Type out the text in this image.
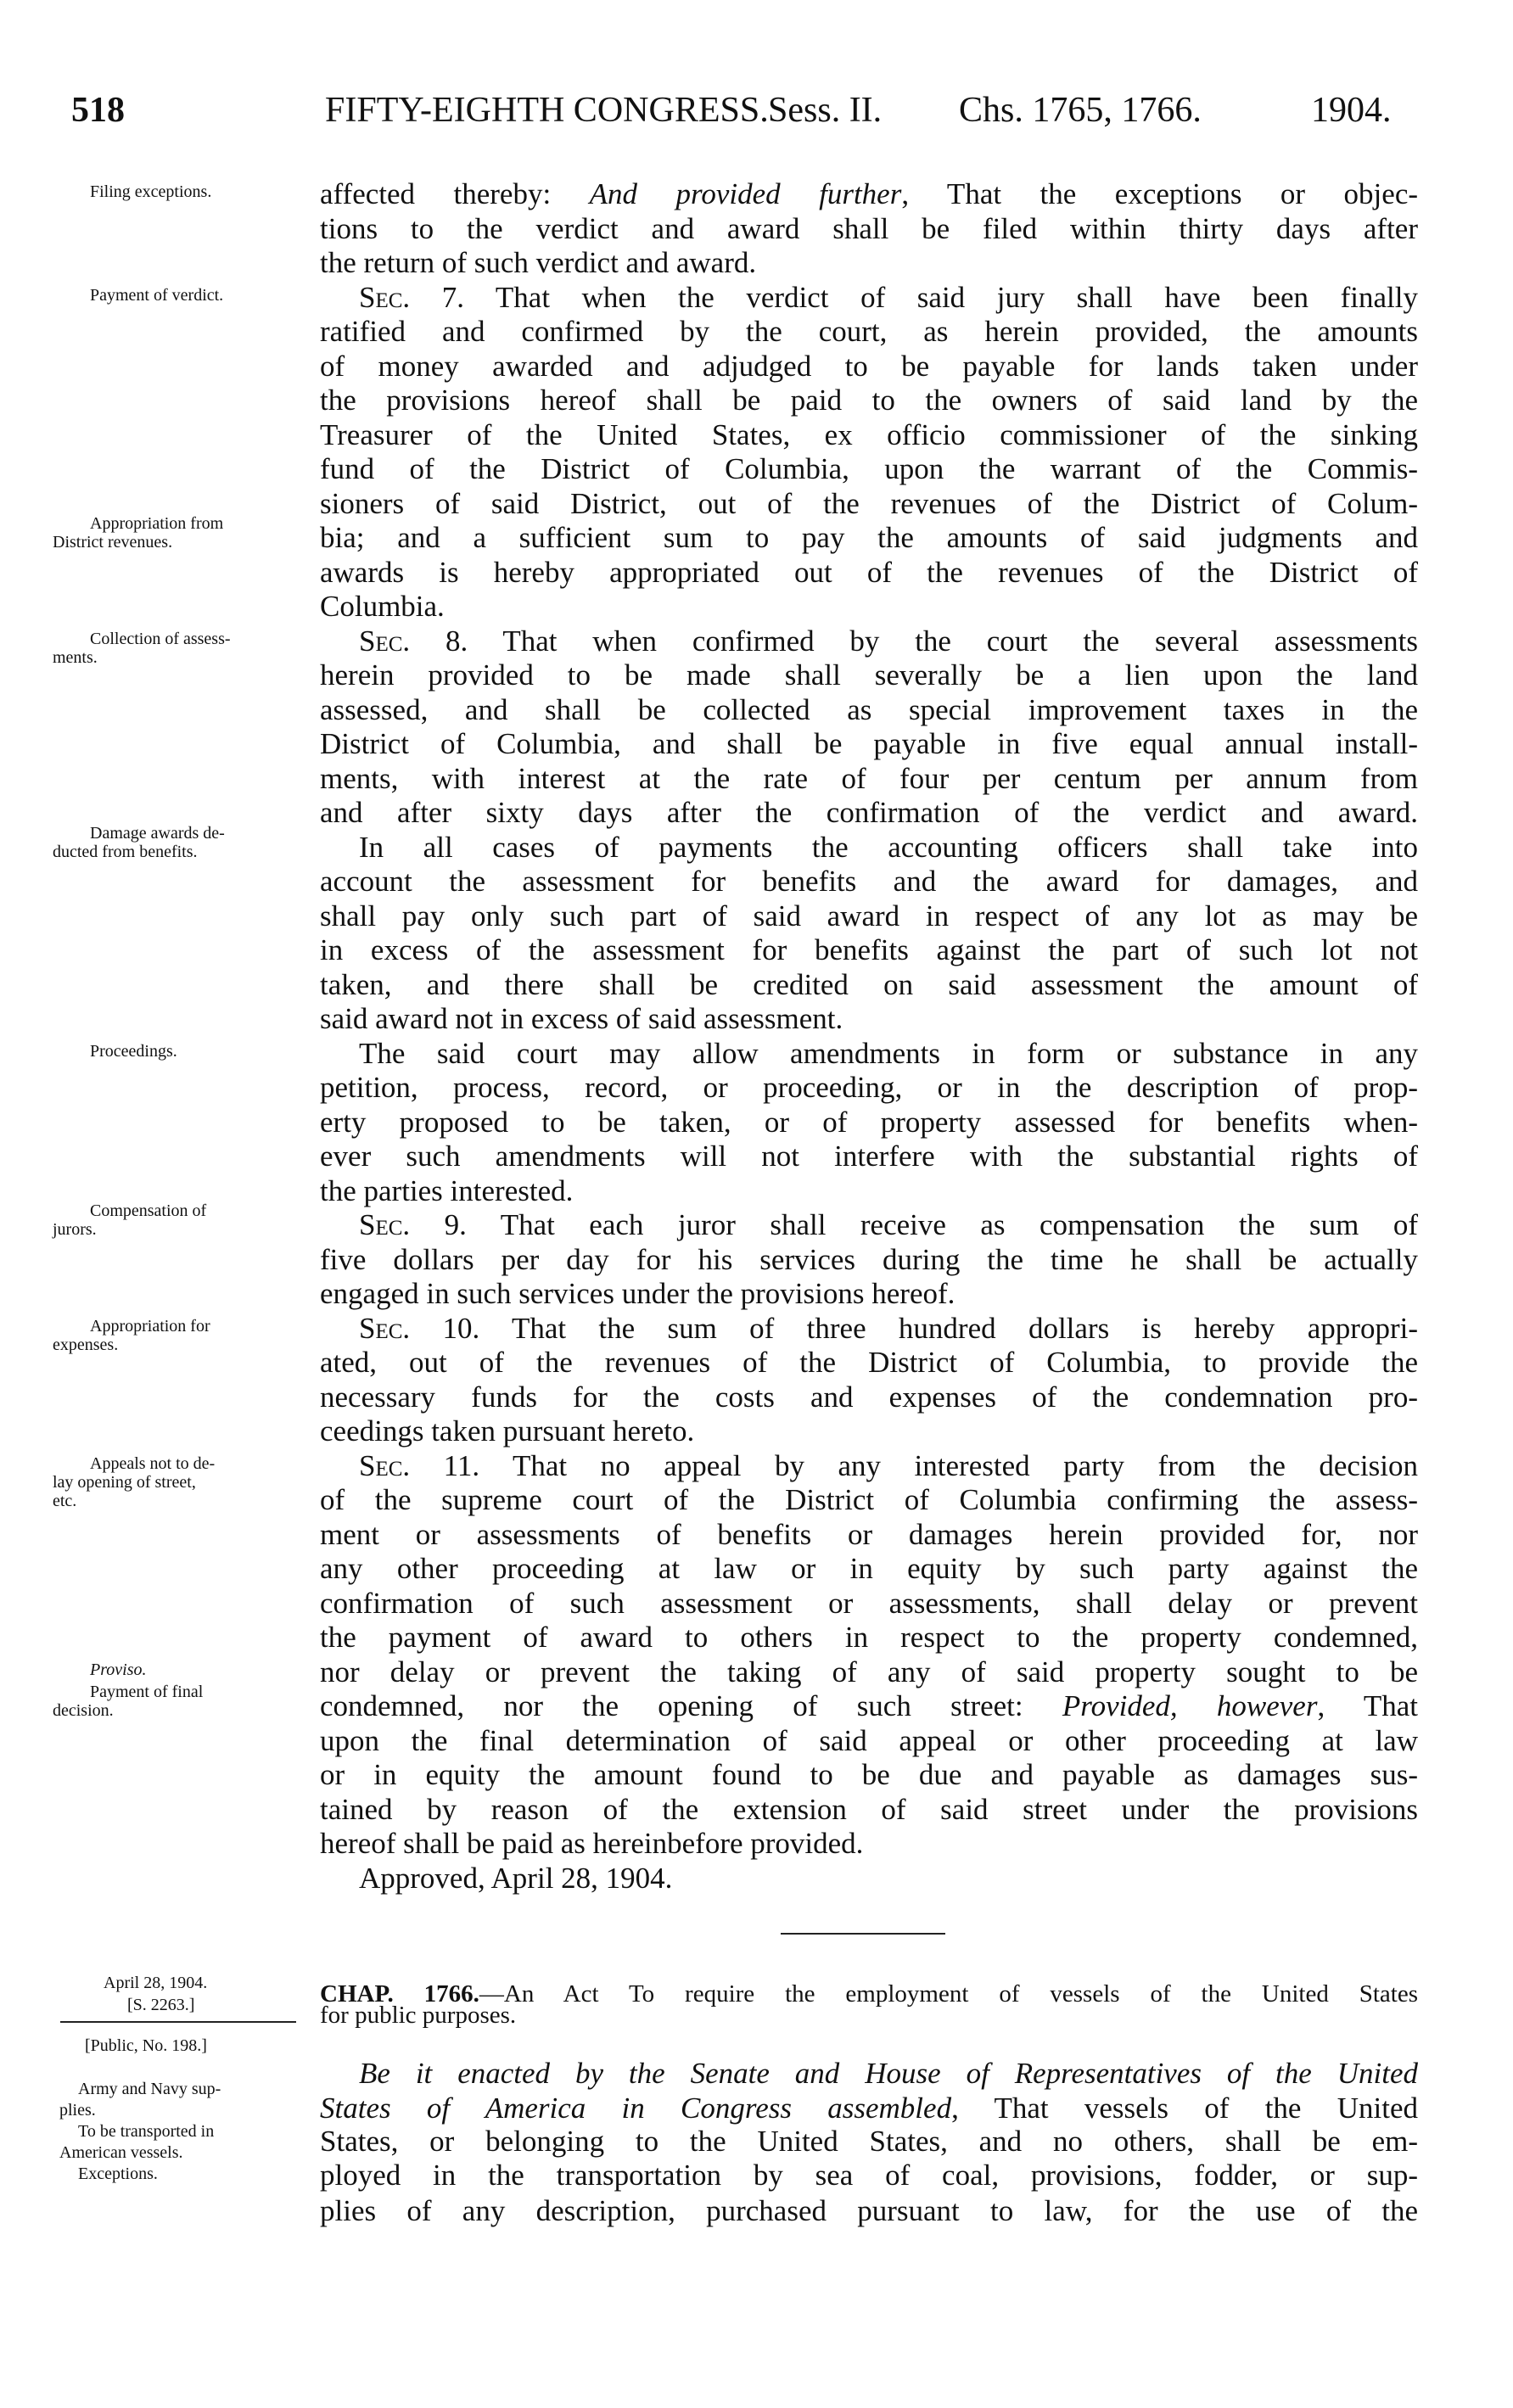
518	FIFTY-EIGHTH CONGRESS. Sess. II. Chs. 1765, 1766.	1904.
affected thereby: And provided further, That the exceptions or objec-
Filing exceptions.
tions to the verdict and award shall be filed within thirty days after
the return of such verdict and award.
Sec. 7. That when the verdict of said jury shall have been finally
Payment of verdict.
ratified and confirmed by the court, as herein provided, the amounts
of money awarded and adjudged to be payable for lands taken under
the provisions hereof shall be paid to the owners of said land by the
Treasurer of the United States, ex officio commissioner of the sinking
fund of the District of Columbia, upon the warrant of the Commis-
sioners of said District, out of the revenues of the District of Colum-
bia; and a sufficient sum to pay the amounts of said judgments and
Appropriation from
District revenues.
awards is hereby appropriated out of the revenues of the District of
Columbia.
Sec. 8. That when confirmed by the court the several assessments
Collection of assess-
ments.
herein provided to be made shall severally be a lien upon the land
assessed, and shall be collected as special improvement taxes in the
District of Columbia, and shall be payable in five equal annual install-
ments, with interest at the rate of four per centum per annum from
and after sixty days after the confirmation of the verdict and award.
In all cases of payments the accounting officers shall take into
Damage awards de-
ducted from benefits.
account the assessment for benefits and the award for damages, and
shall pay only such part of said award in respect of any lot as may be
in excess of the assessment for benefits against the part of such lot not
taken, and there shall be credited on said assessment the amount of
said award not in excess of said assessment.
The said court may allow amendments in form or substance in any
Proceedings.
petition, process, record, or proceeding, or in the description of prop-
erty proposed to be taken, or of property assessed for benefits when-
ever such amendments will not interfere with the substantial rights of
the parties interested.
Sec. 9. That each juror shall receive as compensation the sum of
Compensation of
jurors.
five dollars per day for his services during the time he shall be actually
engaged in such services under the provisions hereof.
Sec. 10. That the sum of three hundred dollars is hereby appropri-
Appropriation for
expenses.
ated, out of the revenues of the District of Columbia, to provide the
necessary funds for the costs and expenses of the condemnation pro-
ceedings taken pursuant hereto.
Sec. 11. That no appeal by any interested party from the decision
Appeals not to de-
lay opening of street,
etc.	of the supreme court of the District of Columbia confirming the assess-
ment or assessments of benefits or damages herein provided for, nor
any other proceeding at law or in equity by such party against the
confirmation of such assessment or assessments, shall delay or prevent
the payment of award to others in respect to the property condemned,
nor delay or prevent the taking of any of said property sought to be
Proviso.
condemned, nor the opening of such street: Provided, however, That
Payment of final
decision.
upon the final determination of said appeal or other proceeding at law
or in equity the amount found to be due and payable as damages sus-
tained by reason of the extension of said street under the provisions
hereof shall be paid as hereinbefore provided.
Approved, April 28, 1904.
April 28, 1904.
[S. 2263.]
[Public, No. 198.]
Army and Navy sup-
plies.
To be transported in
American vessels.
Exceptions.
CHAP. 1766.—An Act To require the employment of vessels of the United States
for public purposes.
Be it enacted by the Senate and House of Representatives of the United
States of America in Congress assembled, That vessels of the United
States, or belonging to the United States, and no others, shall be em-
ployed in the transportation by sea of coal, provisions, fodder, or sup-
plies of any description, purchased pursuant to law, for the use of the
